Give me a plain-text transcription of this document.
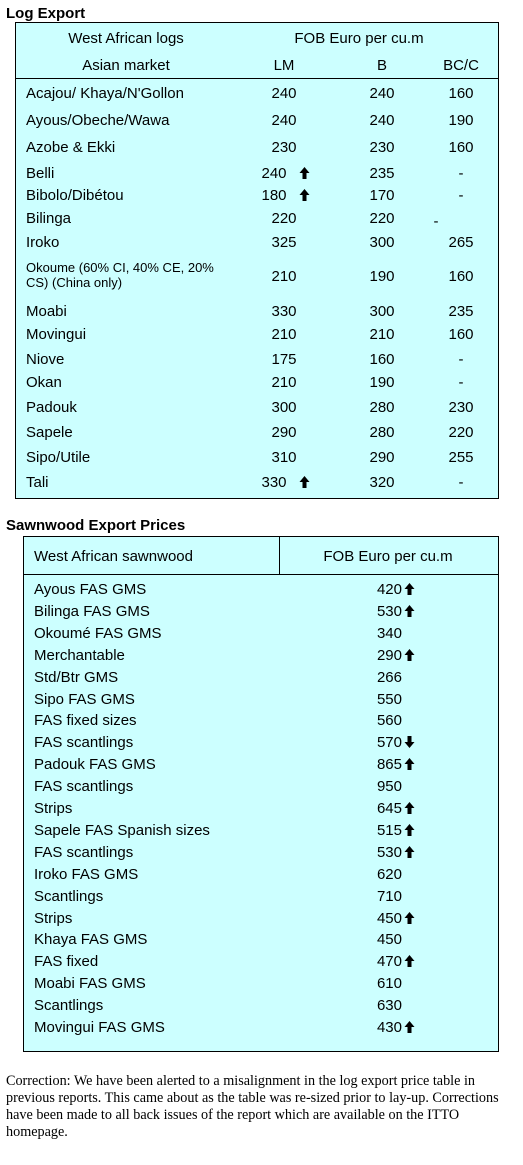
Log Export
West African logs	FOB Euro per cu.m
Asian market	LM	B	BC/C
Acajou/ Khaya/N'Gollon	240	240	160
Ayous/Obeche/Wawa	240	240	190
Azobe & Ekki	230	230	160
Belli	240	235	-
Bibolo/Dibétou	180	170	-
Bilinga	220	220	-
Iroko	325	300	265
Okoume (60% CI, 40% CE, 20% CS) (China only)	210	190	160
Moabi	330	300	235
Movingui	210	210	160
Niove	175	160	-
Okan	210	190	-
Padouk	300	280	230
Sapele	290	280	220
Sipo/Utile	310	290	255
Tali	330	320	-
Sawnwood Export Prices
West African sawnwood	FOB Euro per cu.m
Ayous FAS GMS	420
Bilinga FAS GMS	530
Okoumé FAS GMS	340
Merchantable	290
Std/Btr GMS	266
Sipo FAS GMS	550
FAS fixed sizes	560
FAS scantlings	570
Padouk FAS GMS	865
FAS scantlings	950
Strips	645
Sapele FAS Spanish sizes	515
FAS scantlings	530
Iroko FAS GMS	620
Scantlings	710
Strips	450
Khaya FAS GMS	450
FAS fixed	470
Moabi FAS GMS	610
Scantlings	630
Movingui FAS GMS	430
Correction: We have been alerted to a misalignment in the log export price table in previous reports. This came about as the table was re-sized prior to lay-up. Corrections have been made to all back issues of the report which are available on the ITTO homepage.
